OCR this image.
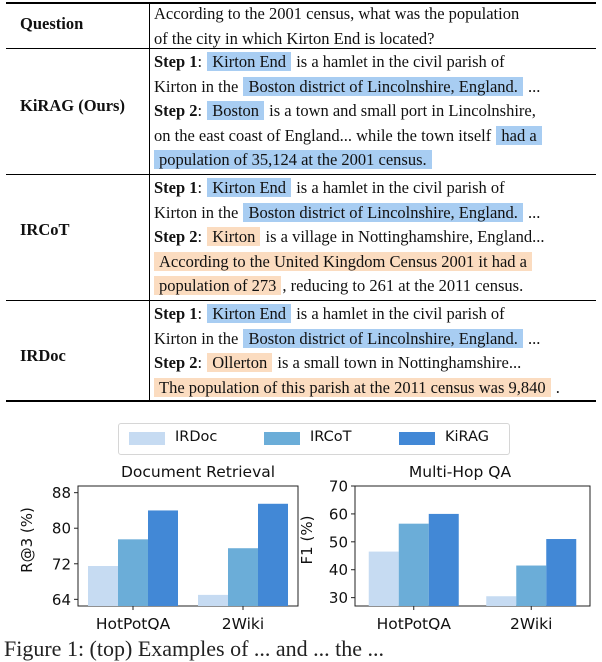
Question
According to the 2001 census, what was the population
of the city in which Kirton End is located?
KiRAG (Ours)
Step 1: Kirton End is a hamlet in the civil parish of
Kirton in the Boston district of Lincolnshire, England. ...
Step 2: Boston is a town and small port in Lincolnshire,
on the east coast of England... while the town itself had a
population of 35,124 at the 2001 census.
IRCoT
Step 1: Kirton End is a hamlet in the civil parish of
Kirton in the Boston district of Lincolnshire, England. ...
Step 2: Kirton is a village in Nottinghamshire, England...
According to the United Kingdom Census 2001 it had a
population of 273 , reducing to 261 at the 2011 census.
IRDoc
Step 1: Kirton End is a hamlet in the civil parish of
Kirton in the Boston district of Lincolnshire, England. ...
Step 2: Ollerton is a small town in Nottinghamshire...
The population of this parish at the 2011 census was 9,840 .
IRDoc	IRCoT	KiRAG
Document Retrieval
R@3 (%)
64
72
80
88
HotPotQA	2Wiki
Multi-Hop QA
F1 (%)
30
40
50
60
70
HotPotQA	2Wiki
Figure 1: (top) Examples of ... and ... the ...
